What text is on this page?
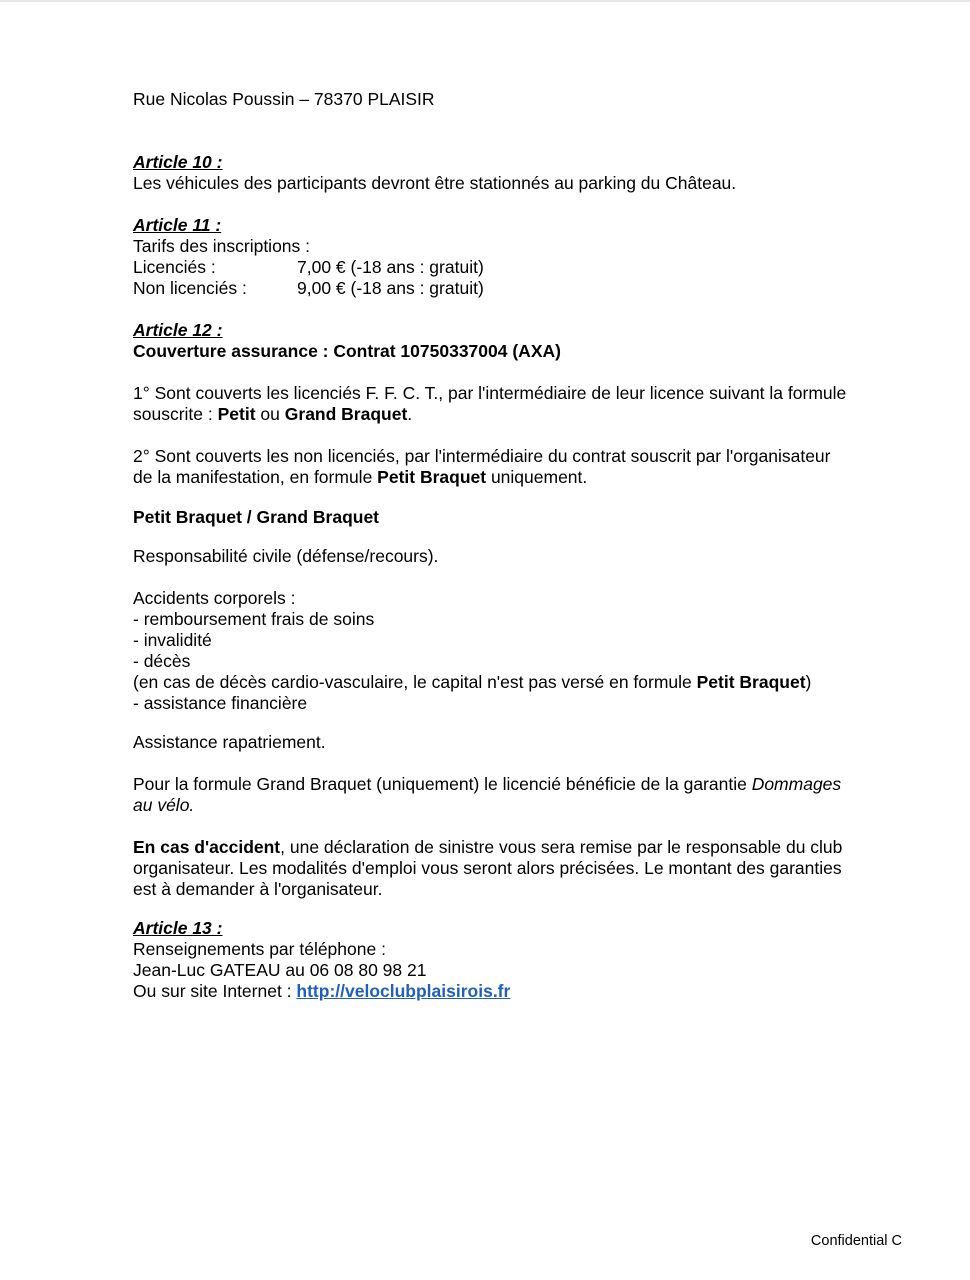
Rue Nicolas Poussin – 78370 PLAISIR
Article 10 :
Les véhicules des participants devront être stationnés au parking du Château.
Article 11 :
Tarifs des inscriptions :
Licenciés :	7,00 € (-18 ans : gratuit)
Non licenciés :	9,00 € (-18 ans : gratuit)
Article 12 :
Couverture assurance : Contrat 10750337004 (AXA)
1° Sont couverts les licenciés F. F. C. T., par l'intermédiaire de leur licence suivant la formule souscrite : Petit ou Grand Braquet.
2° Sont couverts les non licenciés, par l'intermédiaire du contrat souscrit par l'organisateur de la manifestation, en formule Petit Braquet uniquement.
Petit Braquet / Grand Braquet
Responsabilité civile (défense/recours).
Accidents corporels :
- remboursement frais de soins
- invalidité
- décès
(en cas de décès cardio-vasculaire, le capital n'est pas versé en formule Petit Braquet)
- assistance financière
Assistance rapatriement.
Pour la formule Grand Braquet (uniquement) le licencié bénéficie de la garantie Dommages au vélo.
En cas d'accident, une déclaration de sinistre vous sera remise par le responsable du club organisateur. Les modalités d'emploi vous seront alors précisées. Le montant des garanties est à demander à l'organisateur.
Article 13 :
Renseignements par téléphone :
Jean-Luc GATEAU au 06 08 80 98 21
Ou sur site Internet : http://veloclubplaisirois.fr
Confidential C
